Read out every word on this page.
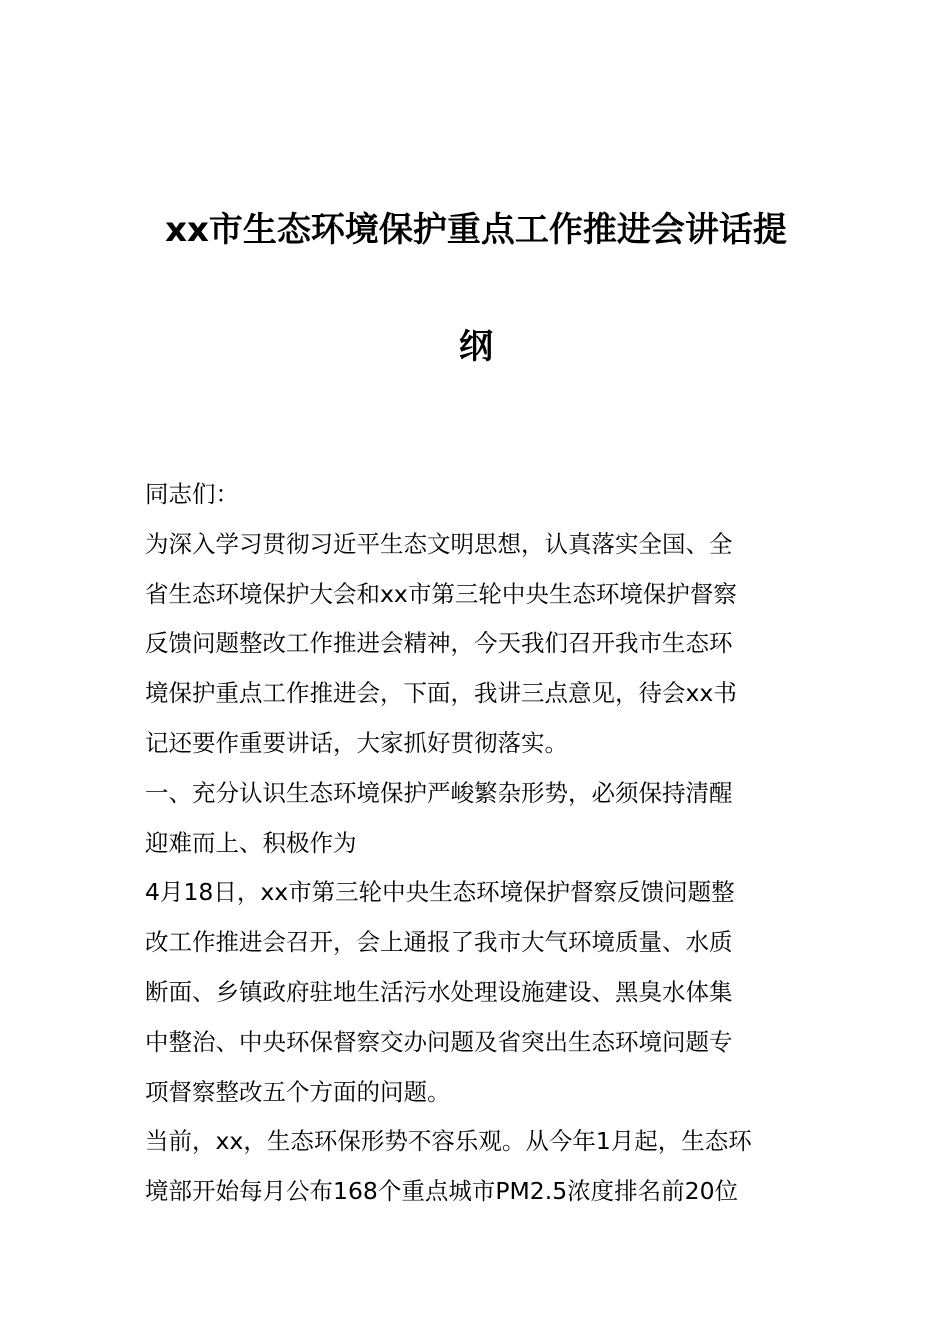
xx市生态环境保护重点工作推进会讲话提
纲

同志们：

为深入学习贯彻习近平生态文明思想，认真落实全国、全

省生态环境保护大会和xx市第三轮中央生态环境保护督察

反馈问题整改工作推进会精神，今天我们召开我市生态环

境保护重点工作推进会，下面，我讲三点意见，待会xx书

记还要作重要讲话，大家抓好贯彻落实。

一、充分认识生态环境保护严峻繁杂形势，必须保持清醒

迎难而上、积极作为

4月18日，xx市第三轮中央生态环境保护督察反馈问题整

改工作推进会召开，会上通报了我市大气环境质量、水质

断面、乡镇政府驻地生活污水处理设施建设、黑臭水体集

中整治、中央环保督察交办问题及省突出生态环境问题专

项督察整改五个方面的问题。

当前，xx，生态环保形势不容乐观。从今年1月起，生态环

境部开始每月公布168个重点城市PM2.5浓度排名前20位
